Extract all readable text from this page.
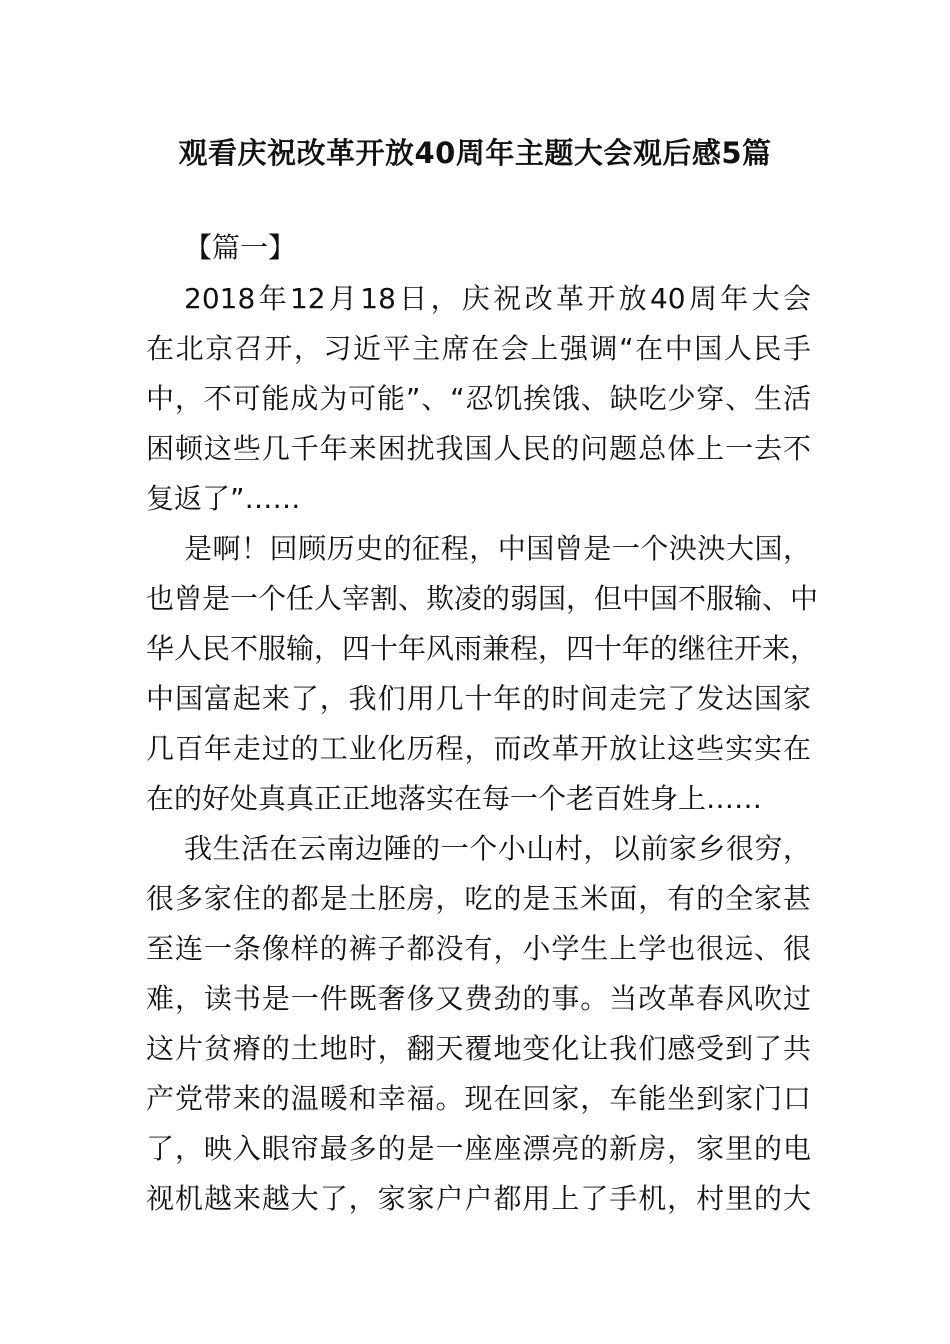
观看庆祝改革开放40周年主题大会观后感5篇

【篇一】

2018年12月18日，庆祝改革开放40周年大会
在北京召开，习近平主席在会上强调“在中国人民手
中，不可能成为可能”、“忍饥挨饿、缺吃少穿、生活
困顿这些几千年来困扰我国人民的问题总体上一去不
复返了”……
是啊！回顾历史的征程，中国曾是一个泱泱大国，
也曾是一个任人宰割、欺凌的弱国，但中国不服输、中
华人民不服输，四十年风雨兼程，四十年的继往开来，
中国富起来了，我们用几十年的时间走完了发达国家
几百年走过的工业化历程，而改革开放让这些实实在
在的好处真真正正地落实在每一个老百姓身上……
我生活在云南边陲的一个小山村，以前家乡很穷，
很多家住的都是土胚房，吃的是玉米面，有的全家甚
至连一条像样的裤子都没有，小学生上学也很远、很
难，读书是一件既奢侈又费劲的事。当改革春风吹过
这片贫瘠的土地时，翻天覆地变化让我们感受到了共
产党带来的温暖和幸福。现在回家，车能坐到家门口
了，映入眼帘最多的是一座座漂亮的新房，家里的电
视机越来越大了，家家户户都用上了手机，村里的大
